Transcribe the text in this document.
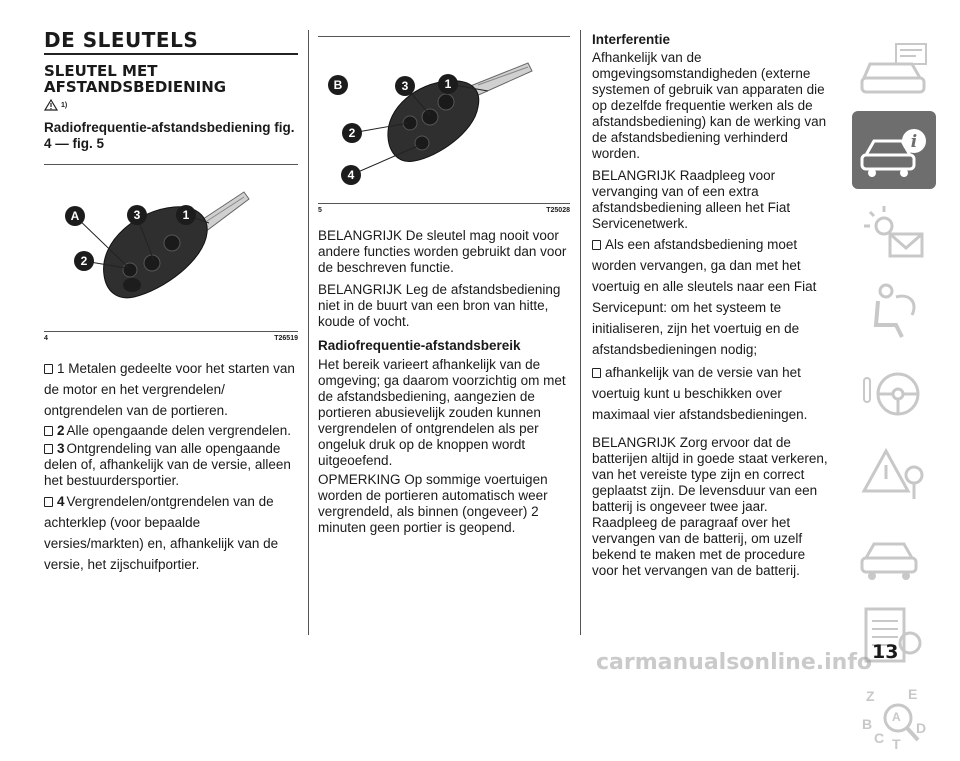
DE SLEUTELS
SLEUTEL MET AFSTANDSBEDIENING
1)
Radiofrequentie-afstandsbediening fig. 4 — fig. 5
A	3	1
2
4	T26519
1 Metalen gedeelte voor het starten van de motor en het vergrendelen/ ontgrendelen van de portieren.
2 Alle opengaande delen vergrendelen.
3 Ontgrendeling van alle opengaande delen of, afhankelijk van de versie, alleen het bestuurdersportier.
4 Vergrendelen/ontgrendelen van de achterklep (voor bepaalde versies/markten) en, afhankelijk van de versie, het zijschuifportier.
B	3	1
2
4
5	T25028

BELANGRIJK De sleutel mag nooit voor andere functies worden gebruikt dan voor de beschreven functie.

BELANGRIJK Leg de afstandsbediening niet in de buurt van een bron van hitte, koude of vocht.

Radiofrequentie-afstandsbereik

Het bereik varieert afhankelijk van de omgeving; ga daarom voorzichtig om met de afstandsbediening, aangezien de portieren abusievelijk zouden kunnen vergrendelen of ontgrendelen als per ongeluk druk op de knoppen wordt uitgeoefend.

OPMERKING Op sommige voertuigen worden de portieren automatisch weer vergrendeld, als binnen (ongeveer) 2 minuten geen portier is geopend.

Interferentie

Afhankelijk van de omgevingsomstandigheden (externe systemen of gebruik van apparaten die op dezelfde frequentie werken als de afstandsbediening) kan de werking van de afstandsbediening verhinderd worden.

BELANGRIJK Raadpleeg voor vervanging van of een extra afstandsbediening alleen het Fiat Servicenetwerk.

Als een afstandsbediening moet worden vervangen, ga dan met het voertuig en alle sleutels naar een Fiat Servicepunt: om het systeem te initialiseren, zijn het voertuig en de afstandsbedieningen nodig;
afhankelijk van de versie van het voertuig kunt u beschikken over maximaal vier afstandsbedieningen.

BELANGRIJK Zorg ervoor dat de batterijen altijd in goede staat verkeren, van het vereiste type zijn en correct geplaatst zijn. De levensduur van een batterij is ongeveer twee jaar. Raadpleeg de paragraaf over het vervangen van de batterij, om uzelf bekend te maken met de procedure voor het vervangen van de batterij.

i
Z E
B A
C T
D
13
carmanualsonline.info
